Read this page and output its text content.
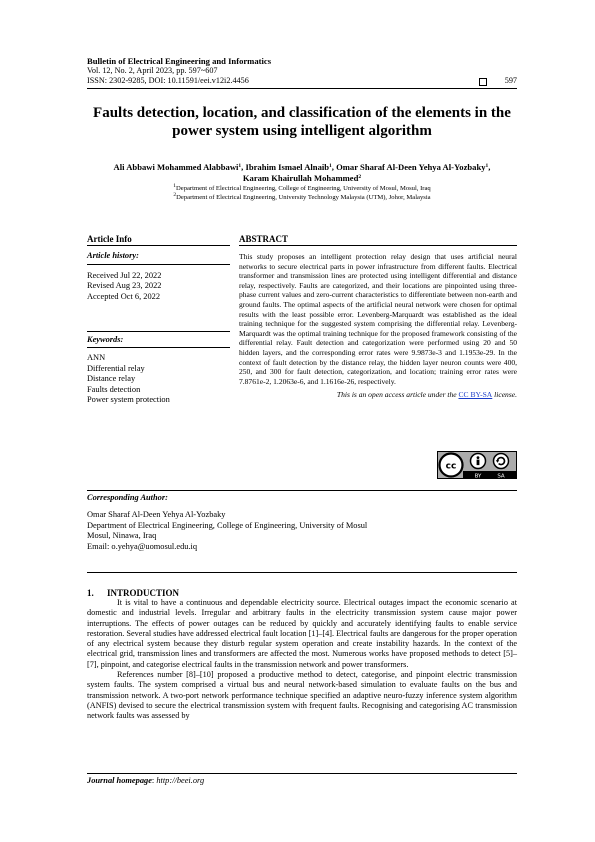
Bulletin of Electrical Engineering and Informatics
Vol. 12, No. 2, April 2023, pp. 597~607
ISSN: 2302-9285, DOI: 10.11591/eei.v12i2.4456	597
Faults detection, location, and classification of the elements in the power system using intelligent algorithm
Ali Abbawi Mohammed Alabbawi$^1$, Ibrahim Ismael Alnaib$^1$, Omar Sharaf Al-Deen Yehya Al-Yozbaky$^1$, Karam Khairullah Mohammed$^2$
$^1$Department of Electrical Engineering, College of Engineering, University of Mosul, Mosul, Iraq
$^2$Department of Electrical Engineering, University Technology Malaysia (UTM), Johor, Malaysia
Article Info
Article history:
Received Jul 22, 2022
Revised Aug 23, 2022
Accepted Oct 6, 2022
Keywords:
ANN
Differential relay
Distance relay
Faults detection
Power system protection
ABSTRACT
This study proposes an intelligent protection relay design that uses artificial neural networks to secure electrical parts in power infrastructure from different faults. Electrical transformer and transmission lines are protected using intelligent differential and distance relay, respectively. Faults are categorized, and their locations are pinpointed using three-phase current values and zero-current characteristics to differentiate between non-earth and ground faults. The optimal aspects of the artificial neural network were chosen for optimal results with the least possible error. Levenberg-Marquardt was established as the ideal training technique for the suggested system comprising the differential relay. Levenberg-Marquardt was the optimal training technique for the proposed framework consisting of the differential relay. Fault detection and categorization were performed using 20 and 50 hidden layers, and the corresponding error rates were 9.9873e-3 and 1.1953e-29. In the context of fault detection by the distance relay, the hidden layer neuron counts were 400, 250, and 300 for fault detection, categorization, and location; training error rates were 7.8761e-2, 1.2063e-6, and 1.1616e-26, respectively.
This is an open access article under the CC BY-SA license.
cc
BY	SA
Corresponding Author:
Omar Sharaf Al-Deen Yehya Al-Yozbaky
Department of Electrical Engineering, College of Engineering, University of Mosul
Mosul, Ninawa, Iraq
Email: o.yehya@uomosul.edu.iq
1. INTRODUCTION

It is vital to have a continuous and dependable electricity source. Electrical outages impact the economic scenario at domestic and industrial levels. Irregular and arbitrary faults in the electricity transmission system cause major power interruptions. The effects of power outages can be reduced by quickly and accurately identifying faults to enable service restoration. Several studies have addressed electrical fault location [1]–[4]. Electrical faults are dangerous for the proper operation of any electrical system because they disturb regular system operation and create instability hazards. In the context of the electrical grid, transmission lines and transformers are affected the most. Numerous works have proposed methods to detect [5]–[7], pinpoint, and categorise electrical faults in the transmission network and power transformers.

References number [8]–[10] proposed a productive method to detect, categorise, and pinpoint electric transmission system faults. The system comprised a virtual bus and neural network-based simulation to evaluate faults on the bus and transmission network. A two-port network performance technique specified an adaptive neuro-fuzzy inference system algorithm (ANFIS) devised to secure the electrical transmission system with frequent faults. Recognising and categorising AC transmission network faults was assessed by

Journal homepage: http://beei.org
